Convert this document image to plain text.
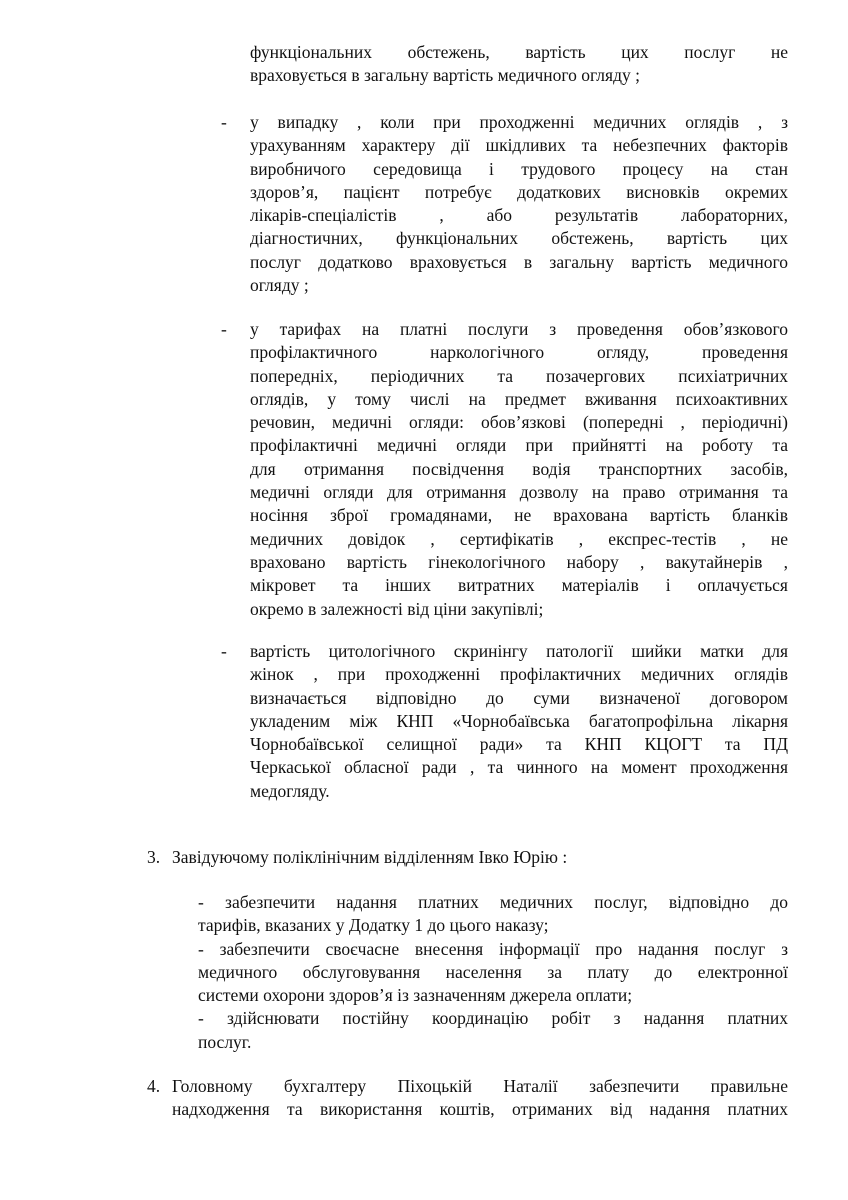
функціональних обстежень, вартість цих послуг не
враховується в загальну вартість медичного огляду ;
- у випадку , коли при проходженні медичних оглядів , з
урахуванням характеру дії шкідливих та небезпечних факторів
виробничого середовища і трудового процесу на стан
здоров’я, пацієнт потребує додаткових висновків окремих
лікарів-спеціалістів , або результатів лабораторних,
діагностичних, функціональних обстежень, вартість цих
послуг додатково враховується в загальну вартість медичного
огляду ;
- у тарифах на платні послуги з проведення обов’язкового
профілактичного наркологічного огляду, проведення
попередніх, періодичних та позачергових психіатричних
оглядів, у тому числі на предмет вживання психоактивних
речовин, медичні огляди: обов’язкові (попередні , періодичні)
профілактичні медичні огляди при прийнятті на роботу та
для отримання посвідчення водія транспортних засобів,
медичні огляди для отримання дозволу на право отримання та
носіння зброї громадянами, не врахована вартість бланків
медичних довідок , сертифікатів , експрес-тестів , не
враховано вартість гінекологічного набору , вакутайнерів ,
мікровет та інших витратних матеріалів і оплачується
окремо в залежності від ціни закупівлі;
- вартість цитологічного скринінгу патології шийки матки для
жінок , при проходженні профілактичних медичних оглядів
визначається відповідно до суми визначеної договором
укладеним між КНП «Чорнобаївська багатопрофільна лікарня
Чорнобаївської селищної ради» та КНП КЦОГТ та ПД
Черкаської обласної ради , та чинного на момент проходження
медогляду.
3. Завідуючому поліклінічним відділенням Івко Юрію :
- забезпечити надання платних медичних послуг, відповідно до
тарифів, вказаних у Додатку 1 до цього наказу;
- забезпечити своєчасне внесення інформації про надання послуг з
медичного обслуговування населення за плату до електронної
системи охорони здоров’я із зазначенням джерела оплати;
- здійснювати постійну координацію робіт з надання платних
послуг.
4. Головному бухгалтеру Піхоцькій Наталії забезпечити правильне
надходження та використання коштів, отриманих від надання платних
